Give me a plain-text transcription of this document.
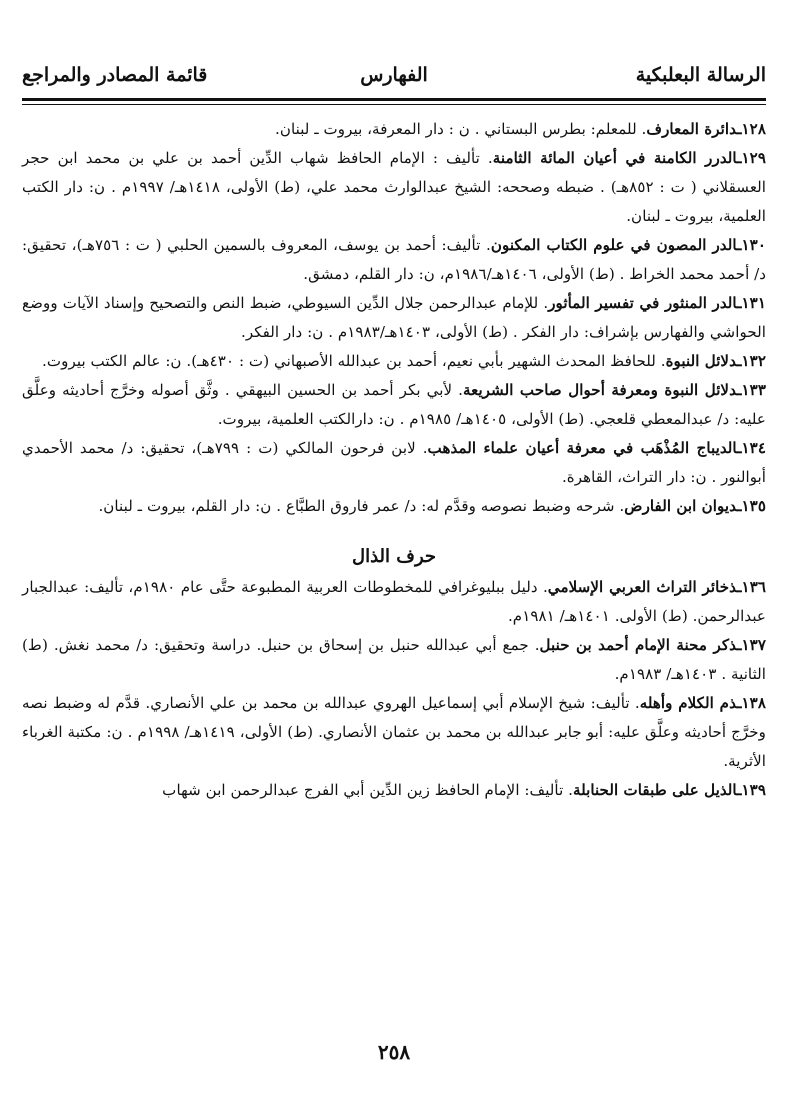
الرسالة البعلبكية
الفهارس
قائمة المصادر والمراجع

١٢٨ـدائرة المعارف. للمعلم: بطرس البستاني . ن : دار المعرفة، بيروت ـ لبنان.

١٢٩ـالدرر الكامنة في أعيان المائة الثامنة. تأليف : الإمام الحافظ شهاب الدِّين أحمد بن علي بن محمد ابن حجر العسقلاني ( ت : ٨٥٢هـ) . ضبطه وصححه: الشيخ عبدالوارث محمد علي، (ط) الأولى، ١٤١٨هـ/ ١٩٩٧م . ن: دار الكتب العلمية، بيروت ـ لبنان.

١٣٠ـالدر المصون في علوم الكتاب المكنون. تأليف: أحمد بن يوسف، المعروف بالسمين الحلبي ( ت : ٧٥٦هـ)، تحقيق: د/ أحمد محمد الخراط . (ط) الأولى، ١٤٠٦هـ/١٩٨٦م، ن: دار القلم، دمشق.

١٣١ـالدر المنثور في تفسير المأثور. للإمام عبدالرحمن جلال الدِّين السيوطي، ضبط النص والتصحيح وإسناد الآيات ووضع الحواشي والفهارس بإشراف: دار الفكر . (ط) الأولى، ١٤٠٣هـ/١٩٨٣م . ن: دار الفكر.

١٣٢ـدلائل النبوة. للحافظ المحدث الشهير بأبي نعيم، أحمد بن عبدالله الأصبهاني (ت : ٤٣٠هـ). ن: عالم الكتب بيروت.

١٣٣ـدلائل النبوة ومعرفة أحوال صاحب الشريعة. لأبي بكر أحمد بن الحسين البيهقي . وثَّق أصوله وخرَّج أحاديثه وعلَّق عليه: د/ عبدالمعطي قلعجي. (ط) الأولى، ١٤٠٥هـ/ ١٩٨٥م . ن: دارالكتب العلمية، بيروت.

١٣٤ـالديباج المُذْهَب في معرفة أعيان علماء المذهب. لابن فرحون المالكي (ت : ٧٩٩هـ)، تحقيق: د/ محمد الأحمدي أبوالنور . ن: دار التراث، القاهرة.

١٣٥ـديوان ابن الفارض. شرحه وضبط نصوصه وقدَّم له: د/ عمر فاروق الطبَّاع . ن: دار القلم، بيروت ـ لبنان.

حرف الذال

١٣٦ـذخائر التراث العربي الإسلامي. دليل ببليوغرافي للمخطوطات العربية المطبوعة حتَّى عام ١٩٨٠م، تأليف: عبدالجبار عبدالرحمن. (ط) الأولى. ١٤٠١هـ/ ١٩٨١م.

١٣٧ـذكر محنة الإمام أحمد بن حنبل. جمع أبي عبدالله حنبل بن إسحاق بن حنبل. دراسة وتحقيق: د/ محمد نغش. (ط) الثانية . ١٤٠٣هـ/ ١٩٨٣م.

١٣٨ـذم الكلام وأهله. تأليف: شيخ الإسلام أبي إسماعيل الهروي عبدالله بن محمد بن علي الأنصاري. قدَّم له وضبط نصه وخرَّج أحاديثه وعلَّق عليه: أبو جابر عبدالله بن محمد بن عثمان الأنصاري. (ط) الأولى، ١٤١٩هـ/ ١٩٩٨م . ن: مكتبة الغرباء الأثرية.

١٣٩ـالذيل على طبقات الحنابلة. تأليف: الإمام الحافظ زين الدِّين أبي الفرج عبدالرحمن ابن شهاب

٢٥٨
